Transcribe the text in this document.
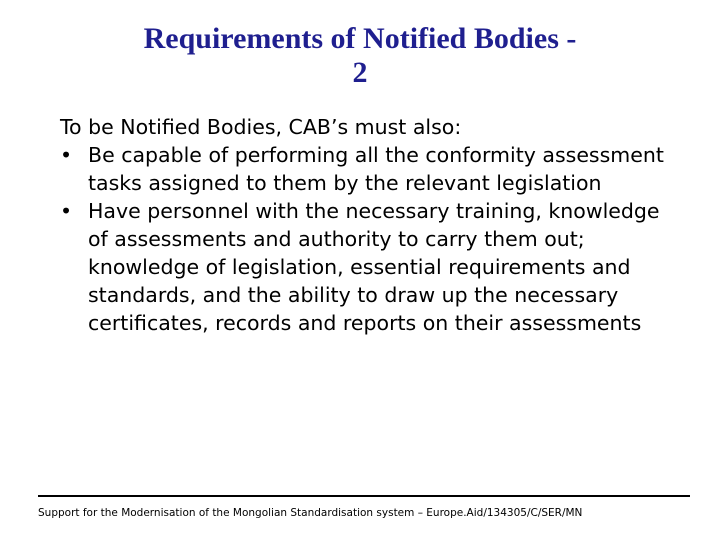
Requirements of Notified Bodies -
2

To be Notified Bodies, CAB’s must also:

• Be capable of performing all the conformity assessment tasks assigned to them by the relevant legislation
• Have personnel with the necessary training, knowledge of assessments and authority to carry them out; knowledge of legislation, essential requirements and standards, and the ability to draw up the necessary certificates, records and reports on their assessments
Support for the Modernisation of the Mongolian Standardisation system – Europe.Aid/134305/C/SER/MN
